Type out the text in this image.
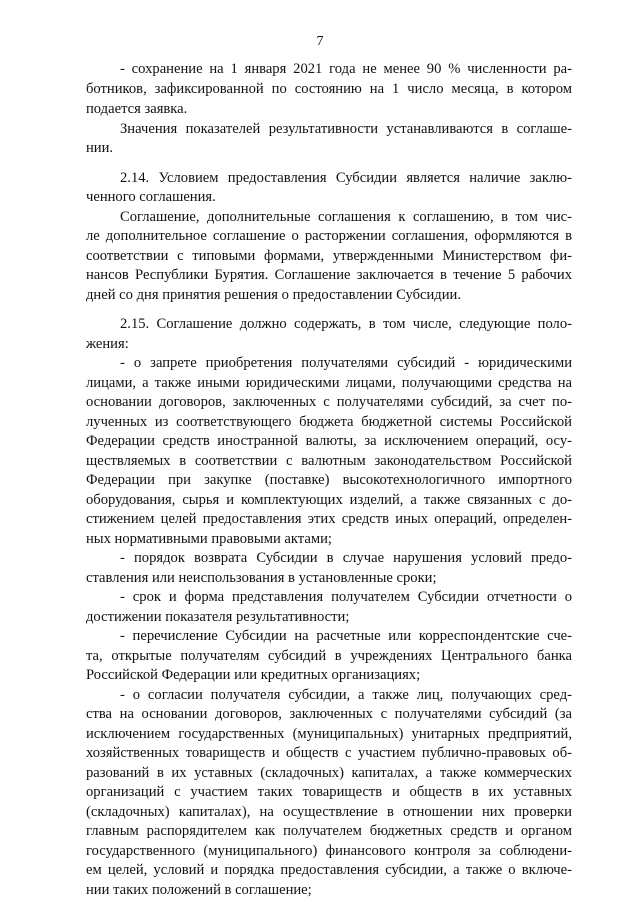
7
- сохранение на 1 января 2021 года не менее 90 % численности ра-
ботников, зафиксированной по состоянию на 1 число месяца, в котором
подается заявка.
Значения показателей результативности устанавливаются в соглаше-
нии.
2.14. Условием предоставления Субсидии является наличие заклю-
ченного соглашения.
Соглашение, дополнительные соглашения к соглашению, в том чис-
ле дополнительное соглашение о расторжении соглашения, оформляются в
соответствии с типовыми формами, утвержденными Министерством фи-
нансов Республики Бурятия. Соглашение заключается в течение 5 рабочих
дней со дня принятия решения о предоставлении Субсидии.
2.15. Соглашение должно содержать, в том числе, следующие поло-
жения:
- о запрете приобретения получателями субсидий - юридическими
лицами, а также иными юридическими лицами, получающими средства на
основании договоров, заключенных с получателями субсидий, за счет по-
лученных из соответствующего бюджета бюджетной системы Российской
Федерации средств иностранной валюты, за исключением операций, осу-
ществляемых в соответствии с валютным законодательством Российской
Федерации при закупке (поставке) высокотехнологичного импортного
оборудования, сырья и комплектующих изделий, а также связанных с до-
стижением целей предоставления этих средств иных операций, определен-
ных нормативными правовыми актами;
- порядок возврата Субсидии в случае нарушения условий предо-
ставления или неиспользования в установленные сроки;
- срок и форма представления получателем Субсидии отчетности о
достижении показателя результативности;
- перечисление Субсидии на расчетные или корреспондентские сче-
та, открытые получателям субсидий в учреждениях Центрального банка
Российской Федерации или кредитных организациях;
- о согласии получателя субсидии, а также лиц, получающих сред-
ства на основании договоров, заключенных с получателями субсидий (за
исключением государственных (муниципальных) унитарных предприятий,
хозяйственных товариществ и обществ с участием публично-правовых об-
разований в их уставных (складочных) капиталах, а также коммерческих
организаций с участием таких товариществ и обществ в их уставных
(складочных) капиталах), на осуществление в отношении них проверки
главным распорядителем как получателем бюджетных средств и органом
государственного (муниципального) финансового контроля за соблюдени-
ем целей, условий и порядка предоставления субсидии, а также о включе-
нии таких положений в соглашение;
